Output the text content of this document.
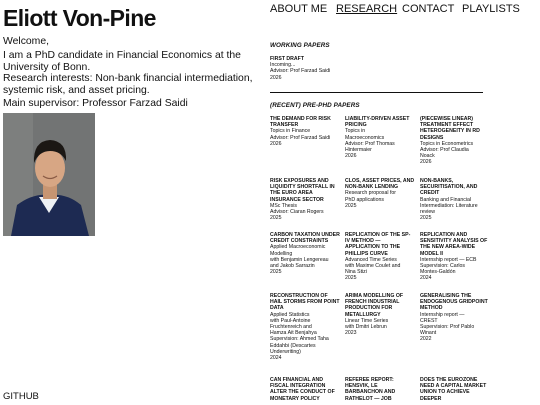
Eliott Von-Pine

Welcome,

I am a PhD candidate in Financial Economics at the University of Bonn.

Research interests: Non-bank financial intermediation, systemic risk, and asset pricing.

Main supervisor: Professor Farzad Saidi

GITHUB
ABOUT ME RESEARCH CONTACT PLAYLISTS
WORKING PAPERS
FIRST DRAFT
Incoming...
Advisor: Prof Farzad Saidi
2026
(RECENT) PRE-PHD PAPERS
THE DEMAND FOR RISK TRANSFER
Topics in Finance
Advisor: Prof Farzad Saidi
2026
LIABILITY-DRIVEN ASSET PRICING
Topics in
Macroeconomics
Advisor: Prof Thomas
Hintermaier
2026
(PIECEWISE LINEAR) TREATMENT EFFECT HETEROGENEITY IN RD DESIGNS
Topics in Econometrics
Advisor: Prof Claudia
Noack
2026
RISK EXPOSURES AND LIQUIDITY SHORTFALL IN THE EURO AREA INSURANCE SECTOR
MSc Thesis
Advisor: Ciaran Rogers
2025
CLOS, ASSET PRICES, AND NON-BANK LENDING
Research proposal for
PhD applications
2025
NON-BANKS, SECURITISATION, AND CREDIT
Banking and Financial
Intermediation: Literature
review
2025
CARBON TAXATION UNDER CREDIT CONSTRAINTS
Applied Macroeconomic
Modelling
with Benjamin Lengereau
and Jakob Sarrazin
2025
REPLICATION OF THE SP-IV METHOD — APPLICATION TO THE PHILLIPS CURVE
Advanced Time Series
with Maxime Coulet and
Nina Stizi
2025
REPLICATION AND SENSITIVITY ANALYSIS OF THE NEW AREA-WIDE MODEL II
Internship report — ECB
Supervision: Carlos
Montes-Galdón
2024
RECONSTRUCTION OF HAIL STORMS FROM POINT DATA
Applied Statistics
with Paul-Antoine
Fruchtenreich and
Hamza Ait Benjahya
Supervision: Ahmed Taha
Eddahbi (Descartes
Underwriting)
2024
ARIMA MODELLING OF FRENCH INDUSTRIAL PRODUCTION FOR METALLURGY
Linear Time Series
with Dmitri Lebrun
2023
GENERALISING THE ENDOGENOUS GRIDPOINT METHOD
Internship report —
CREST
Supervision: Prof Pablo
Winant
2022
CAN FINANCIAL AND FISCAL INTEGRATION ALTER THE CONDUCT OF MONETARY POLICY
REFEREE REPORT: HENSVIK, LE BARBANCHON AND RATHELOT — JOB
DOES THE EUROZONE NEED A CAPITAL MARKET UNION TO ACHIEVE DEEPER
